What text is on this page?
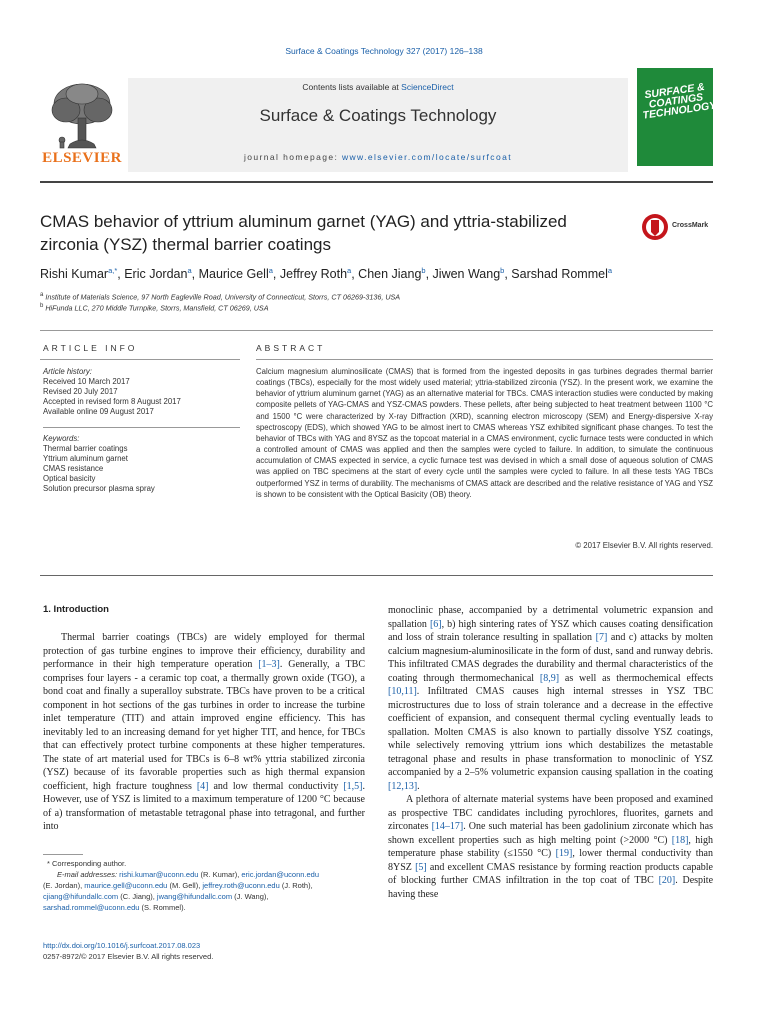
Surface & Coatings Technology 327 (2017) 126–138
Contents lists available at ScienceDirect
Surface & Coatings Technology
journal homepage: www.elsevier.com/locate/surfcoat
ELSEVIER
SURFACE & COATINGS TECHNOLOGY
CMAS behavior of yttrium aluminum garnet (YAG) and yttria-stabilized zirconia (YSZ) thermal barrier coatings
CrossMark
Rishi Kumar$^{a,*}$, Eric Jordan$^a$, Maurice Gell$^a$, Jeffrey Roth$^a$, Chen Jiang$^b$, Jiwen Wang$^b$, Sarshad Rommel$^a$
$^a$ Institute of Materials Science, 97 North Eagleville Road, University of Connecticut, Storrs, CT 06269-3136, USA
$^b$ HiFunda LLC, 270 Middle Turnpike, Storrs, Mansfield, CT 06269, USA
ARTICLE INFO	ABSTRACT
Article history:
Received 10 March 2017
Revised 20 July 2017
Accepted in revised form 8 August 2017
Available online 09 August 2017
Keywords:
Thermal barrier coatings
Yttrium aluminum garnet
CMAS resistance
Optical basicity
Solution precursor plasma spray
Calcium magnesium aluminosilicate (CMAS) that is formed from the ingested deposits in gas turbines degrades thermal barrier coatings (TBCs), especially for the most widely used material; yttria-stabilized zirconia (YSZ). In the present work, we examine the behavior of yttrium aluminum garnet (YAG) as an alternative material for TBCs. CMAS interaction studies were conducted by making composite pellets of YAG-CMAS and YSZ-CMAS powders. These pellets, after being subjected to heat treatment between 1100 °C and 1500 °C were characterized by X-ray Diffraction (XRD), scanning electron microscopy (SEM) and Energy-dispersive X-ray spectroscopy (EDS), which showed YAG to be almost inert to CMAS whereas YSZ exhibited significant phase changes. To test the behavior of TBCs with YAG and 8YSZ as the topcoat material in a CMAS environment, cyclic furnace tests were conducted in which a controlled amount of CMAS was applied and then the samples were cycled to failure. In addition, to simulate the continuous accumulation of CMAS expected in service, a cyclic furnace test was devised in which a small dose of aqueous solution of CMAS was applied on TBC specimens at the start of every cycle until the samples were cycled to failure. In all these tests YAG TBCs outperformed YSZ in terms of durability. The mechanisms of CMAS attack are described and the relative resistance of YAG and YSZ is shown to be consistent with the Optical Basicity (OB) theory.
© 2017 Elsevier B.V. All rights reserved.
1. Introduction

Thermal barrier coatings (TBCs) are widely employed for thermal protection of gas turbine engines to improve their efficiency, durability and performance in their high temperature operation [1–3]. Generally, a TBC comprises four layers - a ceramic top coat, a thermally grown oxide (TGO), a bond coat and finally a superalloy substrate. TBCs have proven to be a critical component in hot sections of the gas turbines in order to increase the turbine inlet temperature (TIT) and attain improved engine efficiency. This has inevitably led to an increasing demand for yet higher TIT, and hence, for TBCs that can effectively protect turbine components at these higher temperatures. The state of art material used for TBCs is 6–8 wt% yttria stabilized zirconia (YSZ) because of its favorable properties such as high thermal expansion coefficient, high fracture toughness [4] and low thermal conductivity [1,5]. However, use of YSZ is limited to a maximum temperature of 1200 °C because of a) transformation of metastable tetragonal phase into tetragonal, and further into

monoclinic phase, accompanied by a detrimental volumetric expansion and spallation [6], b) high sintering rates of YSZ which causes coating densification and loss of strain tolerance resulting in spallation [7] and c) attacks by molten calcium magnesium-aluminosilicate in the form of dust, sand and runway debris. This infiltrated CMAS degrades the durability and thermal characteristics of the coating through thermomechanical [8,9] as well as thermochemical effects [10,11]. Infiltrated CMAS causes high internal stresses in YSZ TBC microstructures due to loss of strain tolerance and a decrease in the effective coefficient of expansion, and consequent thermal cycling eventually leads to spallation. Molten CMAS is also known to partially dissolve YSZ coatings, while selectively removing yttrium ions which destabilizes the metastable tetragonal phase and results in phase transformation to monoclinic of YSZ accompanied by a 2–5% volumetric expansion causing spallation in the coating [12,13].

A plethora of alternate material systems have been proposed and examined as prospective TBC candidates including pyrochlores, fluorites, garnets and zirconates [14–17]. One such material has been gadolinium zirconate which has shown excellent properties such as high melting point (>2000 °C) [18], high temperature phase stability (≤1550 °C) [19], lower thermal conductivity than 8YSZ [5] and excellent CMAS resistance by forming reaction products capable of blocking further CMAS infiltration in the top coat of TBC [20]. Despite having these

* Corresponding author.
E-mail addresses: rishi.kumar@uconn.edu (R. Kumar), eric.jordan@uconn.edu
(E. Jordan), maurice.gell@uconn.edu (M. Gell), jeffrey.roth@uconn.edu (J. Roth),
cjiang@hifundallc.com (C. Jiang), jwang@hifundallc.com (J. Wang),
sarshad.rommel@uconn.edu (S. Rommel).
http://dx.doi.org/10.1016/j.surfcoat.2017.08.023
0257-8972/© 2017 Elsevier B.V. All rights reserved.
